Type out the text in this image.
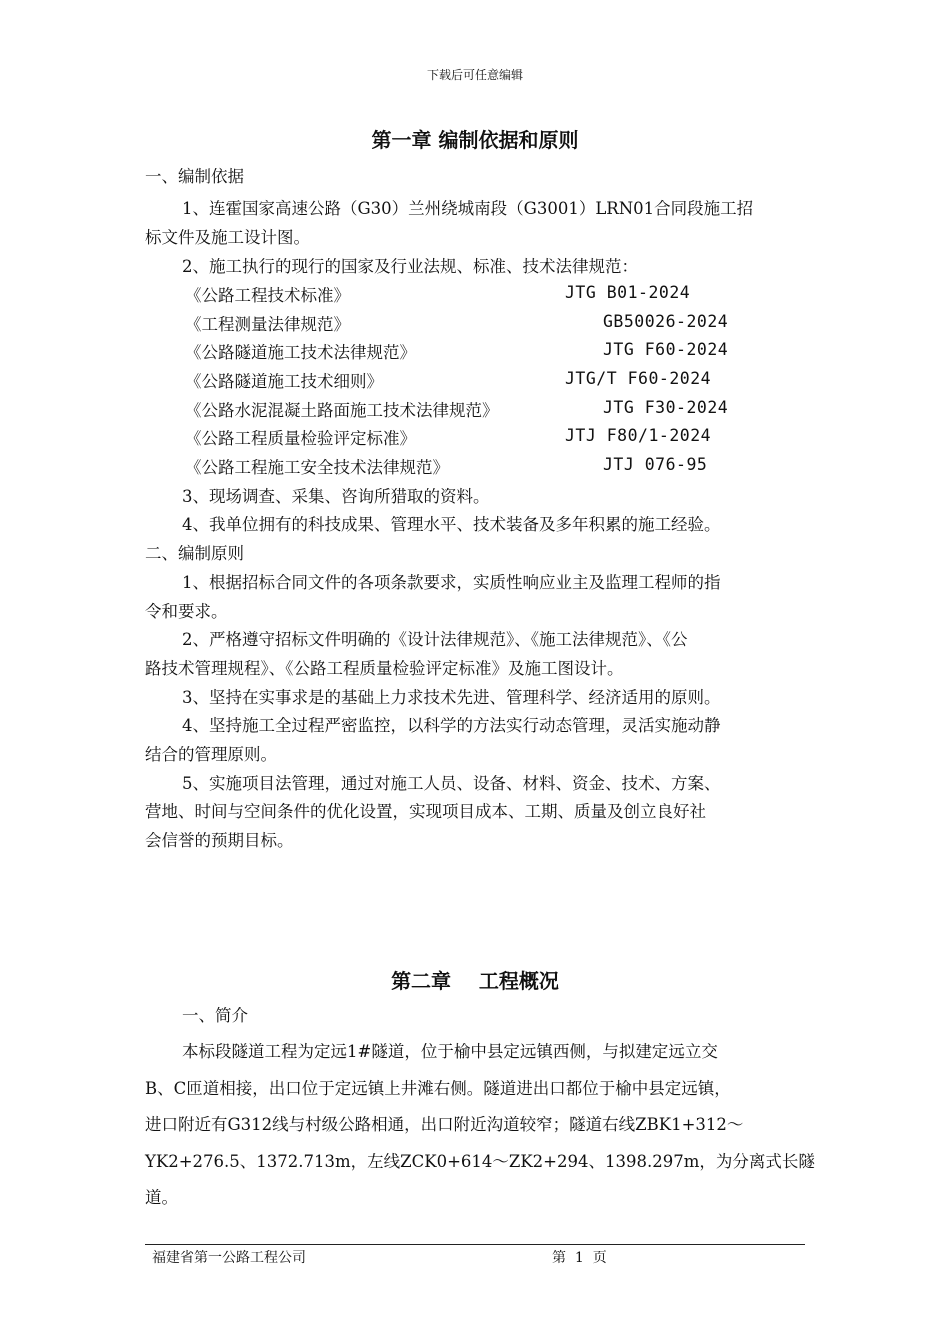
下载后可任意编辑
第一章 编制依据和原则
一、编制依据
1、连霍国家高速公路（G30）兰州绕城南段（G3001）LRN01合同段施工招
标文件及施工设计图。
2、施工执行的现行的国家及行业法规、标准、技术法律规范：
《公路工程技术标准》	JTG B01-2024
《工程测量法律规范》	GB50026-2024
《公路隧道施工技术法律规范》	JTG F60-2024
《公路隧道施工技术细则》	JTG/T F60-2024
《公路水泥混凝土路面施工技术法律规范》	JTG F30-2024
《公路工程质量检验评定标准》	JTJ F80/1-2024
《公路工程施工安全技术法律规范》	JTJ 076-95
3、现场调查、采集、咨询所猎取的资料。
4、我单位拥有的科技成果、管理水平、技术装备及多年积累的施工经验。
二、编制原则
1、根据招标合同文件的各项条款要求，实质性响应业主及监理工程师的指
令和要求。
2、严格遵守招标文件明确的《设计法律规范》、《施工法律规范》、《公
路技术管理规程》、《公路工程质量检验评定标准》及施工图设计。
3、坚持在实事求是的基础上力求技术先进、管理科学、经济适用的原则。
4、坚持施工全过程严密监控，以科学的方法实行动态管理，灵活实施动静
结合的管理原则。
5、实施项目法管理，通过对施工人员、设备、材料、资金、技术、方案、
营地、时间与空间条件的优化设置，实现项目成本、工期、质量及创立良好社
会信誉的预期目标。
第二章    工程概况
一、简介
本标段隧道工程为定远1#隧道，位于榆中县定远镇西侧，与拟建定远立交
B、C匝道相接，出口位于定远镇上井滩右侧。隧道进出口都位于榆中县定远镇，
进口附近有G312线与村级公路相通，出口附近沟道较窄；隧道右线ZBK1+312～
YK2+276.5、1372.713m，左线ZCK0+614～ZK2+294、1398.297m，为分离式长隧
道。
福建省第一公路工程公司	第  1  页
